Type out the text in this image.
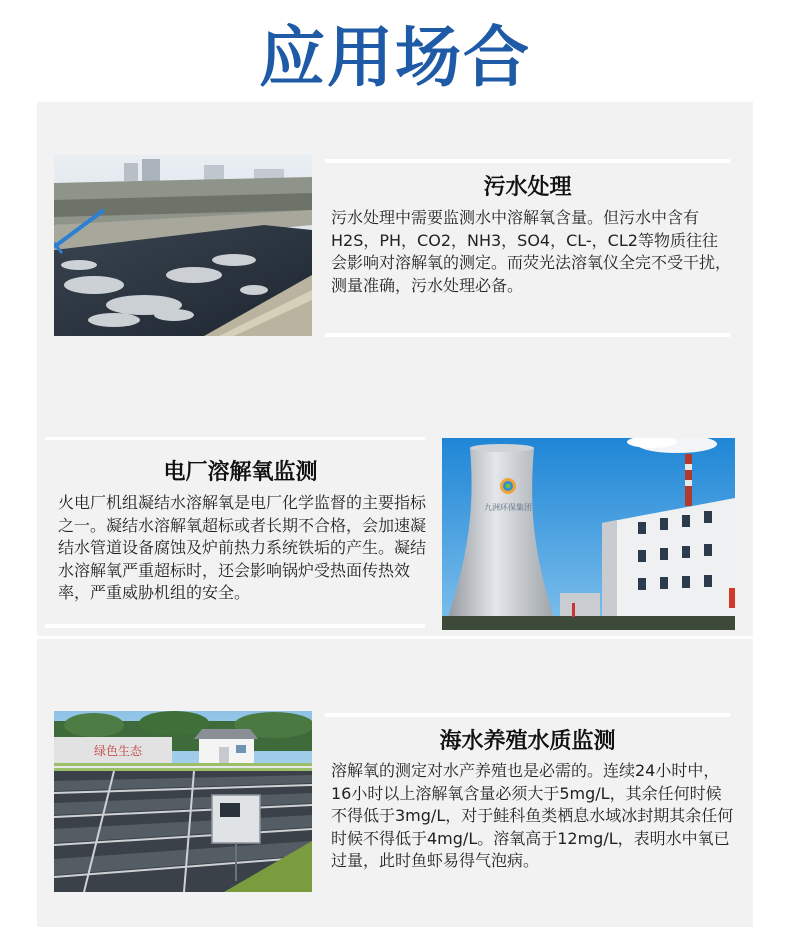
应用场合
污水处理
污水处理中需要监测水中溶解氧含量。但污水中含有H2S，PH，CO2，NH3，SO4，CL-，CL2等物质往往会影响对溶解氧的测定。而荧光法溶氧仪全完不受干扰，测量准确，污水处理必备。
电厂溶解氧监测
火电厂机组凝结水溶解氧是电厂化学监督的主要指标之一。凝结水溶解氧超标或者长期不合格，会加速凝结水管道设备腐蚀及炉前热力系统铁垢的产生。凝结水溶解氧严重超标时，还会影响锅炉受热面传热效率，严重威胁机组的安全。
九洲环保集团
绿色生态	海水养殖水质监测
溶解氧的测定对水产养殖也是必需的。连续24小时中，16小时以上溶解氧含量必须大于5mg/L，其余任何时候不得低于3mg/L，对于鲑科鱼类栖息水域冰封期其余任何时候不得低于4mg/L。溶氧高于12mg/L，表明水中氧已过量，此时鱼虾易得气泡病。
